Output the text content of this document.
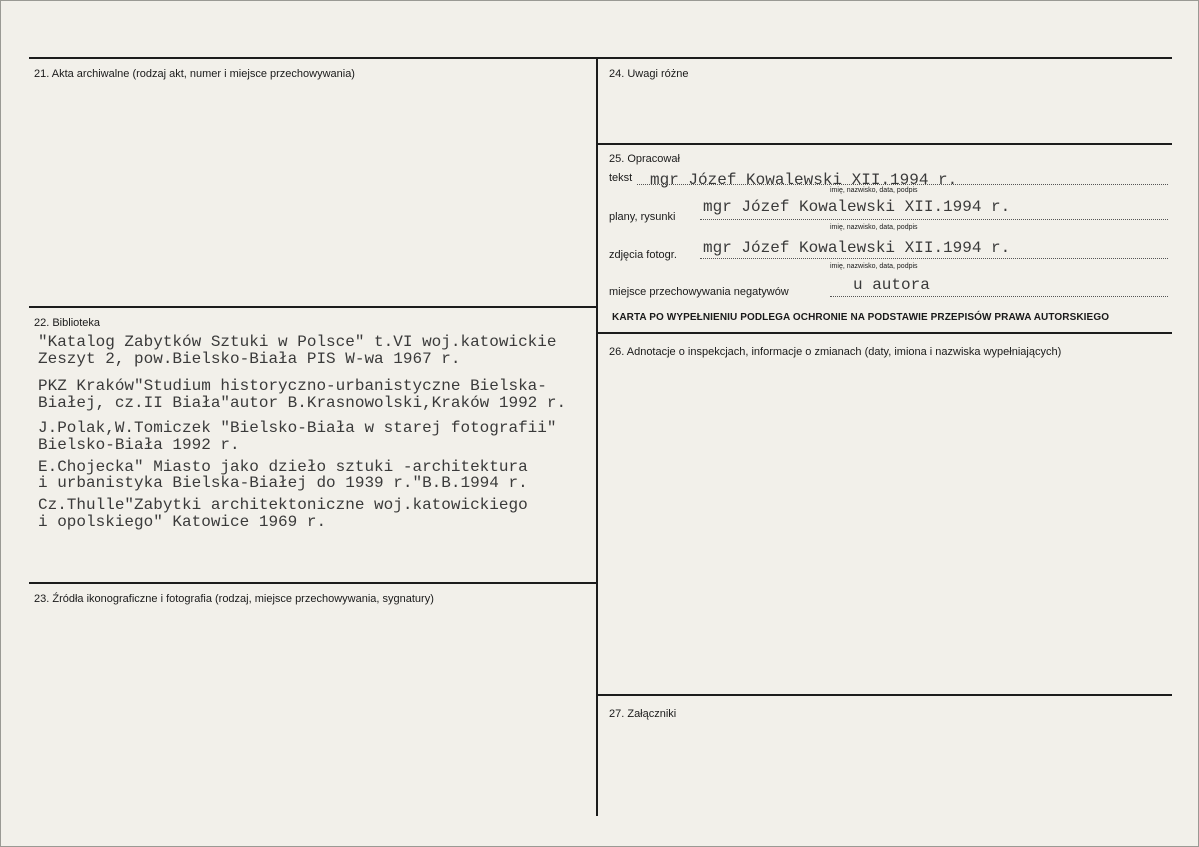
21. Akta archiwalne (rodzaj akt, numer i miejsce przechowywania)
22. Biblioteka
"Katalog Zabytków Sztuki w Polsce" t.VI woj.katowickie
Zeszyt 2, pow.Bielsko-Biała PIS W-wa 1967 r.
PKZ Kraków"Studium historyczno-urbanistyczne Bielska-
Białej, cz.II Biała"autor B.Krasnowolski,Kraków 1992 r.
J.Polak,W.Tomiczek "Bielsko-Biała w starej fotografii"
Bielsko-Biała 1992 r.
E.Chojecka" Miasto jako dzieło sztuki -architektura
i urbanistyka Bielska-Białej do 1939 r."B.B.1994 r.
Cz.Thulle"Zabytki architektoniczne woj.katowickiego
i opolskiego" Katowice 1969 r.
23. Źródła ikonograficzne i fotografia (rodzaj, miejsce przechowywania, sygnatury)
24. Uwagi różne
25. Opracował
tekst mgr Józef Kowalewski XII.1994 r.
imię, nazwisko, data, podpis
plany, rysunki
mgr Józef Kowalewski XII.1994 r.
imię, nazwisko, data, podpis
zdjęcia fotogr. mgr Józef Kowalewski XII.1994 r.
imię, nazwisko, data, podpis
miejsce przechowywania negatywów	u autora
KARTA PO WYPEŁNIENIU PODLEGA OCHRONIE NA PODSTAWIE PRZEPISÓW PRAWA AUTORSKIEGO
26. Adnotacje o inspekcjach, informacje o zmianach (daty, imiona i nazwiska wypełniających)
27. Załączniki
